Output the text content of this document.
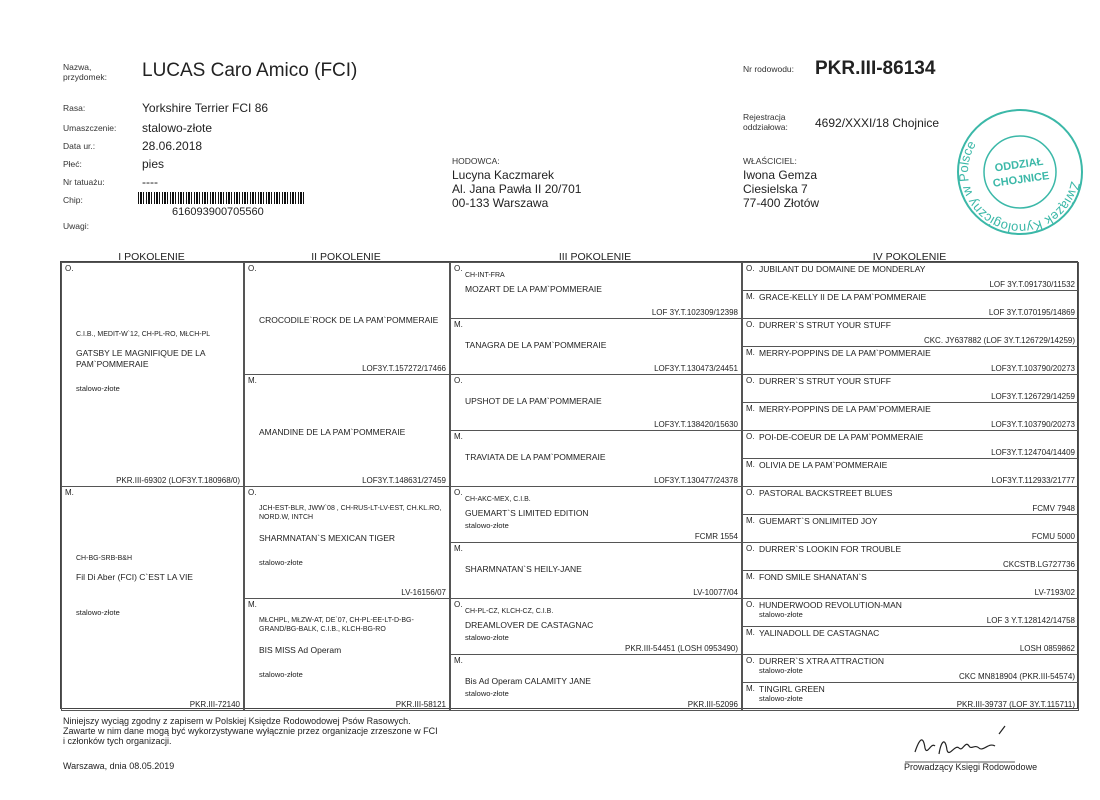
Nazwa,
przydomek: LUCAS Caro Amico (FCI)	Nr rodowodu: PKR.III-86134
Rasa:	Yorkshire Terrier FCI 86
Umaszczenie: stalowo-złote
Data ur.:	28.06.2018
Płeć:	pies
Nr tatuażu:	----
Chip:
616093900705560
Uwagi:
Rejestracja
oddziałowa: 4692/XXXI/18 Chojnice
HODOWCA:
Lucyna Kaczmarek
Al. Jana Pawła II 20/701
00-133 Warszawa
WŁAŚCICIEL:
Iwona Gemza
Ciesielska 7
77-400 Złotów
Związek Kynologiczny w Polsce
ODDZIAŁ
CHOJNICE
I POKOLENIE	II POKOLENIE	III POKOLENIE	IV POKOLENIE
O.
C.I.B., MEDIT-W`12, CH-PL-RO, MŁCH-PL
GATSBY LE MAGNIFIQUE DE LA PAM`POMMERAIE
stalowo-złote
PKR.III-69302 (LOF3Y.T.180968/0)
M.
CH-BG-SRB-B&H
Fil Di Aber (FCI) C`EST LA VIE
stalowo-złote
PKR.III-72140
O.
CROCODILE`ROCK DE LA PAM`POMMERAIE
LOF3Y.T.157272/17466
M.
AMANDINE DE LA PAM`POMMERAIE
LOF3Y.T.148631/27459
O.
JCH-EST-BLR, JWW`08 , CH-RUS-LT-LV-EST, CH.KL.RO, NORD.W, INTCH
SHARMNATAN`S MEXICAN TIGER
stalowo-złote
LV-16156/07
M.
MŁCHPL, MŁZW-AT, DE`07, CH-PL-EE-LT-D-BG-GRAND/BG-BALK, C.I.B., KLCH-BG-RO
BIS MISS Ad Operam
stalowo-złote
PKR.III-58121
O.
CH-INT-FRA
MOZART DE LA PAM`POMMERAIE
LOF 3Y.T.102309/12398
M.
TANAGRA DE LA PAM`POMMERAIE
LOF3Y.T.130473/24451
O.
UPSHOT DE LA PAM`POMMERAIE
LOF3Y.T.138420/15630
M.
TRAVIATA DE LA PAM`POMMERAIE
LOF3Y.T.130477/24378
O.
CH-AKC-MEX, C.I.B.
GUEMART`S LIMITED EDITION
stalowo-złote
FCMR 1554
M.
SHARMNATAN`S HEILY-JANE
LV-10077/04
O.
CH-PL-CZ, KLCH-CZ, C.I.B.
DREAMLOVER DE CASTAGNAC
stalowo-złote
PKR.III-54451 (LOSH 0953490)
M.
Bis Ad Operam CALAMITY JANE
stalowo-złote
PKR.III-52096
O. JUBILANT DU DOMAINE DE MONDERLAY
LOF 3Y.T.091730/11532
M. GRACE-KELLY II DE LA PAM`POMMERAIE
LOF 3Y.T.070195/14869
O. DURRER`S STRUT YOUR STUFF
CKC. JY637882 (LOF 3Y.T.126729/14259)
M. MERRY-POPPINS DE LA PAM`POMMERAIE
LOF3Y.T.103790/20273
O. DURRER`S STRUT YOUR STUFF
LOF3Y.T.126729/14259
M. MERRY-POPPINS DE LA PAM`POMMERAIE
LOF3Y.T.103790/20273
O. POI-DE-COEUR DE LA PAM`POMMERAIE
LOF3Y.T.124704/14409
M. OLIVIA DE LA PAM`POMMERAIE
LOF3Y.T.112933/21777
O. PASTORAL BACKSTREET BLUES
FCMV 7948
M. GUEMART`S ONLIMITED JOY
FCMU 5000
O. DURRER`S LOOKIN FOR TROUBLE
CKCSTB.LG727736
M. FOND SMILE SHANATAN`S
LV-7193/02
O. HUNDERWOOD REVOLUTION-MAN
stalowo-złote
LOF 3 Y.T.128142/14758
M. YALINADOLL DE CASTAGNAC
LOSH 0859862
O. DURRER`S XTRA ATTRACTION
stalowo-złote
CKC MN818904 (PKR.III-54574)
M. TINGIRL GREEN
stalowo-złote
PKR.III-39737 (LOF 3Y.T.115711)
Niniejszy wyciąg zgodny z zapisem w Polskiej Księdze Rodowodowej Psów Rasowych.
Zawarte w nim dane mogą być wykorzystywane wyłącznie przez organizacje zrzeszone w FCI
i członków tych organizacji.
Warszawa, dnia 08.05.2019	Prowadzący Księgi Rodowodowe
